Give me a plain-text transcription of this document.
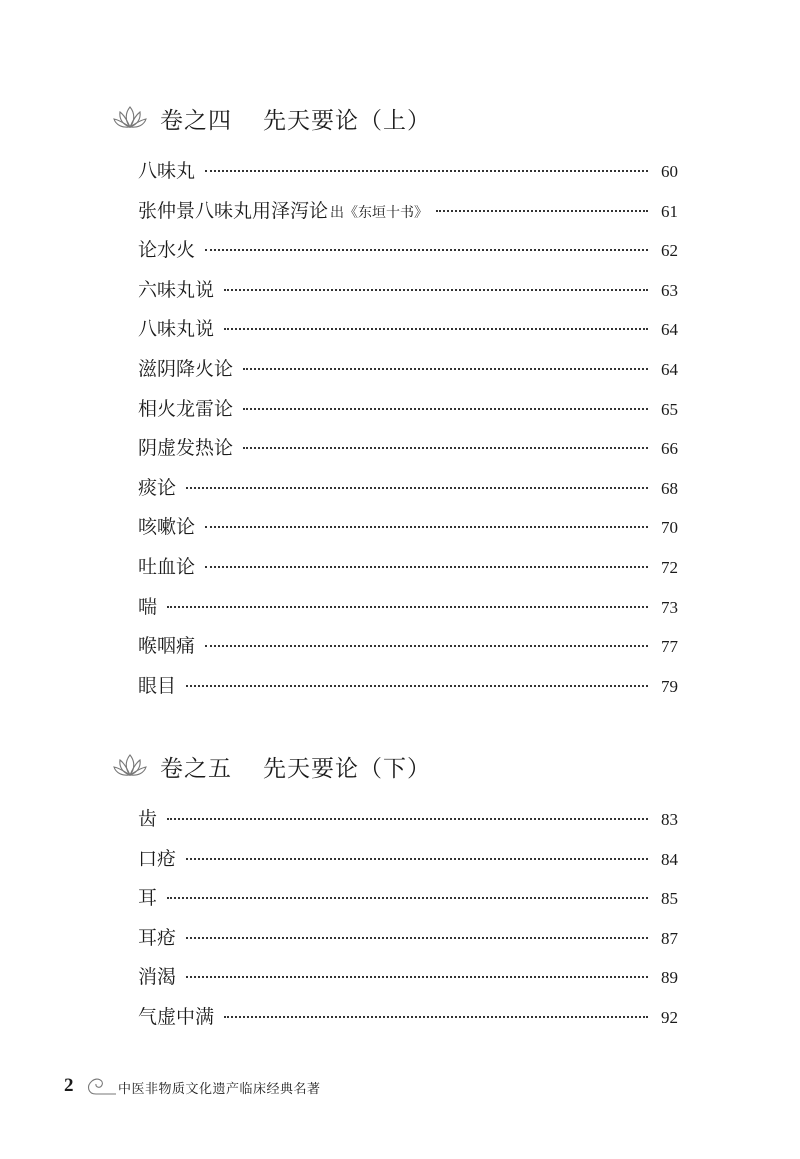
卷之四 先天要论（上）
八味丸	60
张仲景八味丸用泽泻论 出《东垣十书》	61
论水火	62
六味丸说	63
八味丸说	64
滋阴降火论	64
相火龙雷论	65
阴虚发热论	66
痰论	68
咳嗽论	70
吐血论	72
喘	73
喉咽痛	77
眼目	79
卷之五 先天要论（下）
齿	83
口疮	84
耳	85
耳疮	87
消渴	89
气虚中满	92
2	中医非物质文化遗产临床经典名著
